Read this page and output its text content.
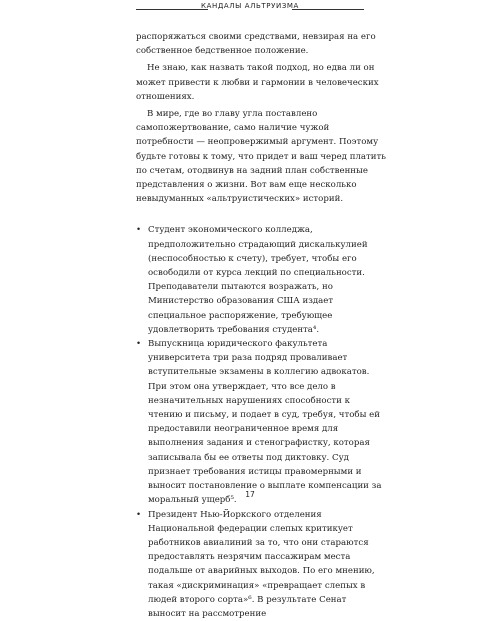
КАНДАЛЫ АЛЬТРУИЗМА

распоряжаться своими средствами, невзирая на его собственное бедственное положение.

Не знаю, как назвать такой подход, но едва ли он может привести к любви и гармонии в человеческих отношениях.

В мире, где во главу угла поставлено самопожертвование, само наличие чужой потребности — неопровержимый аргумент. Поэтому будьте готовы к тому, что придет и ваш черед платить по счетам, отодвинув на задний план собственные представления о жизни. Вот вам еще несколько невыдуманных «альтруистических» историй.

• Студент экономического колледжа, предположительно страдающий дискалькулией (неспособностью к счету), требует, чтобы его освободили от курса лекций по специальности. Преподаватели пытаются возражать, но Министерство образования США издает специальное распоряжение, требующее удовлетворить требования студента⁴.
• Выпускница юридического факультета университета три раза подряд проваливает вступительные экзамены в коллегию адвокатов. При этом она утверждает, что все дело в незначительных нарушениях способности к чтению и письму, и подает в суд, требуя, чтобы ей предоставили неограниченное время для выполнения задания и стенографистку, которая записывала бы ее ответы под диктовку. Суд признает требования истицы правомерными и выносит постановление о выплате компенсации за моральный ущерб⁵.
• Президент Нью-Йоркского отделения Национальной федерации слепых критикует работников авиалиний за то, что они стараются предоставлять незрячим пассажирам места подальше от аварийных выходов. По его мнению, такая «дискриминация» «превращает слепых в людей второго сорта»⁶. В результате Сенат выносит на рассмотрение
17
